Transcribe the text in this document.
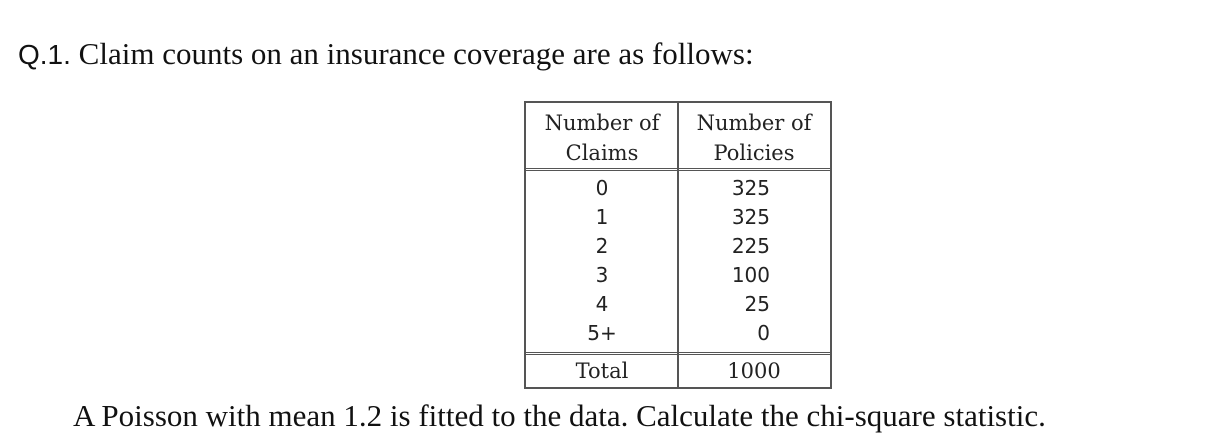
Q.1. Claim counts on an insurance coverage are as follows:
Number of
Claims
0
1
2
3
4
5+
Total
Number of
Policies
325
325
225
100
25
0
1000
A Poisson with mean 1.2 is fitted to the data. Calculate the chi-square statistic.
